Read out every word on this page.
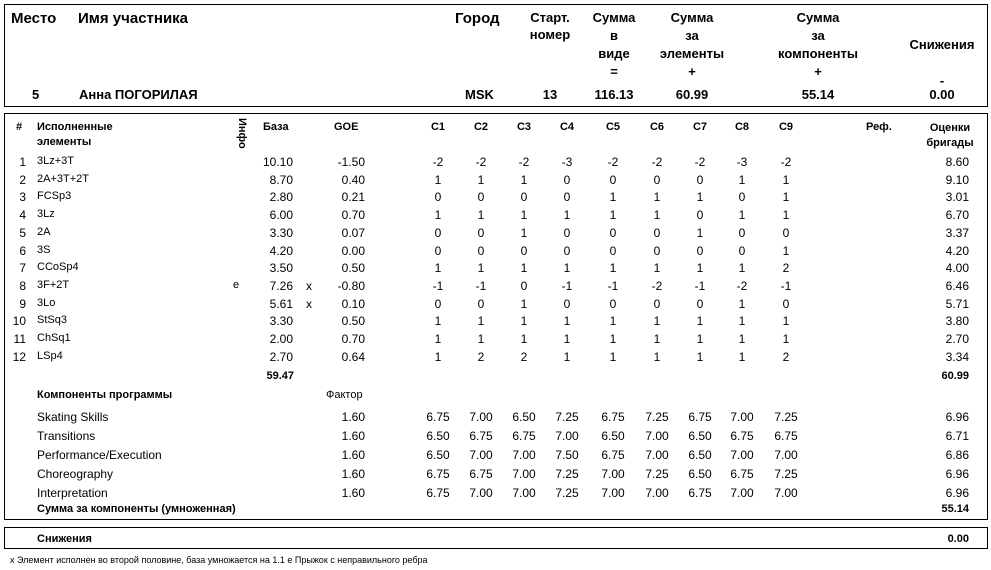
Место Имя участника	Город	Старт.
номер
Сумма
в
виде
=
Сумма
за
элементы
+
Сумма
за
компоненты
+
Снижения
-
5	Анна ПОГОРИЛАЯ	MSK	13	116.13	60.99	55.14	0.00
# Исполненные
элементы	Инфо База	GOE	C1	C2	C3	C4	C5	C6	C7	C8	C9	Реф.	Оценки
бригады
1 3Lz+3T	10.10	-1.50	-2	-2	-2	-3	-2	-2	-2	-3	-2	8.60
2 2A+3T+2T	8.70	0.40	1	1	1	0	0	0	0	1	1	9.10
3 FCSp3	2.80	0.21	0	0	0	0	1	1	1	0	1	3.01
4 3Lz	6.00	0.70	1	1	1	1	1	1	0	1	1	6.70
5 2A	3.30	0.07	0	0	1	0	0	0	1	0	0	3.37
6 3S	4.20	0.00	0	0	0	0	0	0	0	0	1	4.20
7 CCoSp4	3.50	0.50	1	1	1	1	1	1	1	1	2	4.00
8 3F+2T	e	7.26 x	-0.80	-1	-1	0	-1	-1	-2	-1	-2	-1	6.46
9 3Lo	5.61 x	0.10	0	0	1	0	0	0	0	1	0	5.71
10 StSq3	3.30	0.50	1	1	1	1	1	1	1	1	1	3.80
11 ChSq1	2.00	0.70	1	1	1	1	1	1	1	1	1	2.70
12 LSp4	2.70	0.64	1	2	2	1	1	1	1	1	2	3.34
59.47	60.99
Компоненты программы	Фактор
Skating Skills	1.60	6.75	7.00	6.50	7.25	6.75	7.25	6.75	7.00	7.25	6.96
Transitions	1.60	6.50	6.75	6.75	7.00	6.50	7.00	6.50	6.75	6.75	6.71
Performance/Execution	1.60	6.50	7.00	7.00	7.50	6.75	7.00	6.50	7.00	7.00	6.86
Choreography	1.60	6.75	6.75	7.00	7.25	7.00	7.25	6.50	6.75	7.25	6.96
Interpretation	1.60	6.75	7.00	7.00	7.25	7.00	7.00	6.75	7.00	7.00	6.96
Сумма за компоненты (умноженная)	55.14
Снижения	0.00
x Элемент исполнен во второй половине, база умножается на 1.1 e Прыжок с неправильного ребра
